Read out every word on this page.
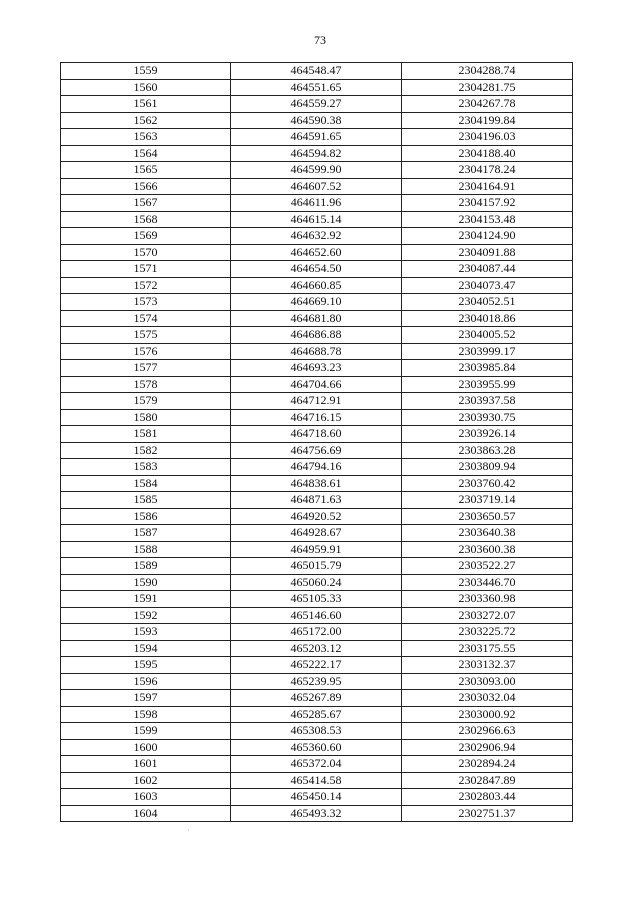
73
1559	464548.47	2304288.74
1560	464551.65	2304281.75
1561	464559.27	2304267.78
1562	464590.38	2304199.84
1563	464591.65	2304196.03
1564	464594.82	2304188.40
1565	464599.90	2304178.24
1566	464607.52	2304164.91
1567	464611.96	2304157.92
1568	464615.14	2304153.48
1569	464632.92	2304124.90
1570	464652.60	2304091.88
1571	464654.50	2304087.44
1572	464660.85	2304073.47
1573	464669.10	2304052.51
1574	464681.80	2304018.86
1575	464686.88	2304005.52
1576	464688.78	2303999.17
1577	464693.23	2303985.84
1578	464704.66	2303955.99
1579	464712.91	2303937.58
1580	464716.15	2303930.75
1581	464718.60	2303926.14
1582	464756.69	2303863.28
1583	464794.16	2303809.94
1584	464838.61	2303760.42
1585	464871.63	2303719.14
1586	464920.52	2303650.57
1587	464928.67	2303640.38
1588	464959.91	2303600.38
1589	465015.79	2303522.27
1590	465060.24	2303446.70
1591	465105.33	2303360.98
1592	465146.60	2303272.07
1593	465172.00	2303225.72
1594	465203.12	2303175.55
1595	465222.17	2303132.37
1596	465239.95	2303093.00
1597	465267.89	2303032.04
1598	465285.67	2303000.92
1599	465308.53	2302966.63
1600	465360.60	2302906.94
1601	465372.04	2302894.24
1602	465414.58	2302847.89
1603	465450.14	2302803.44
1604	465493.32	2302751.37
·
